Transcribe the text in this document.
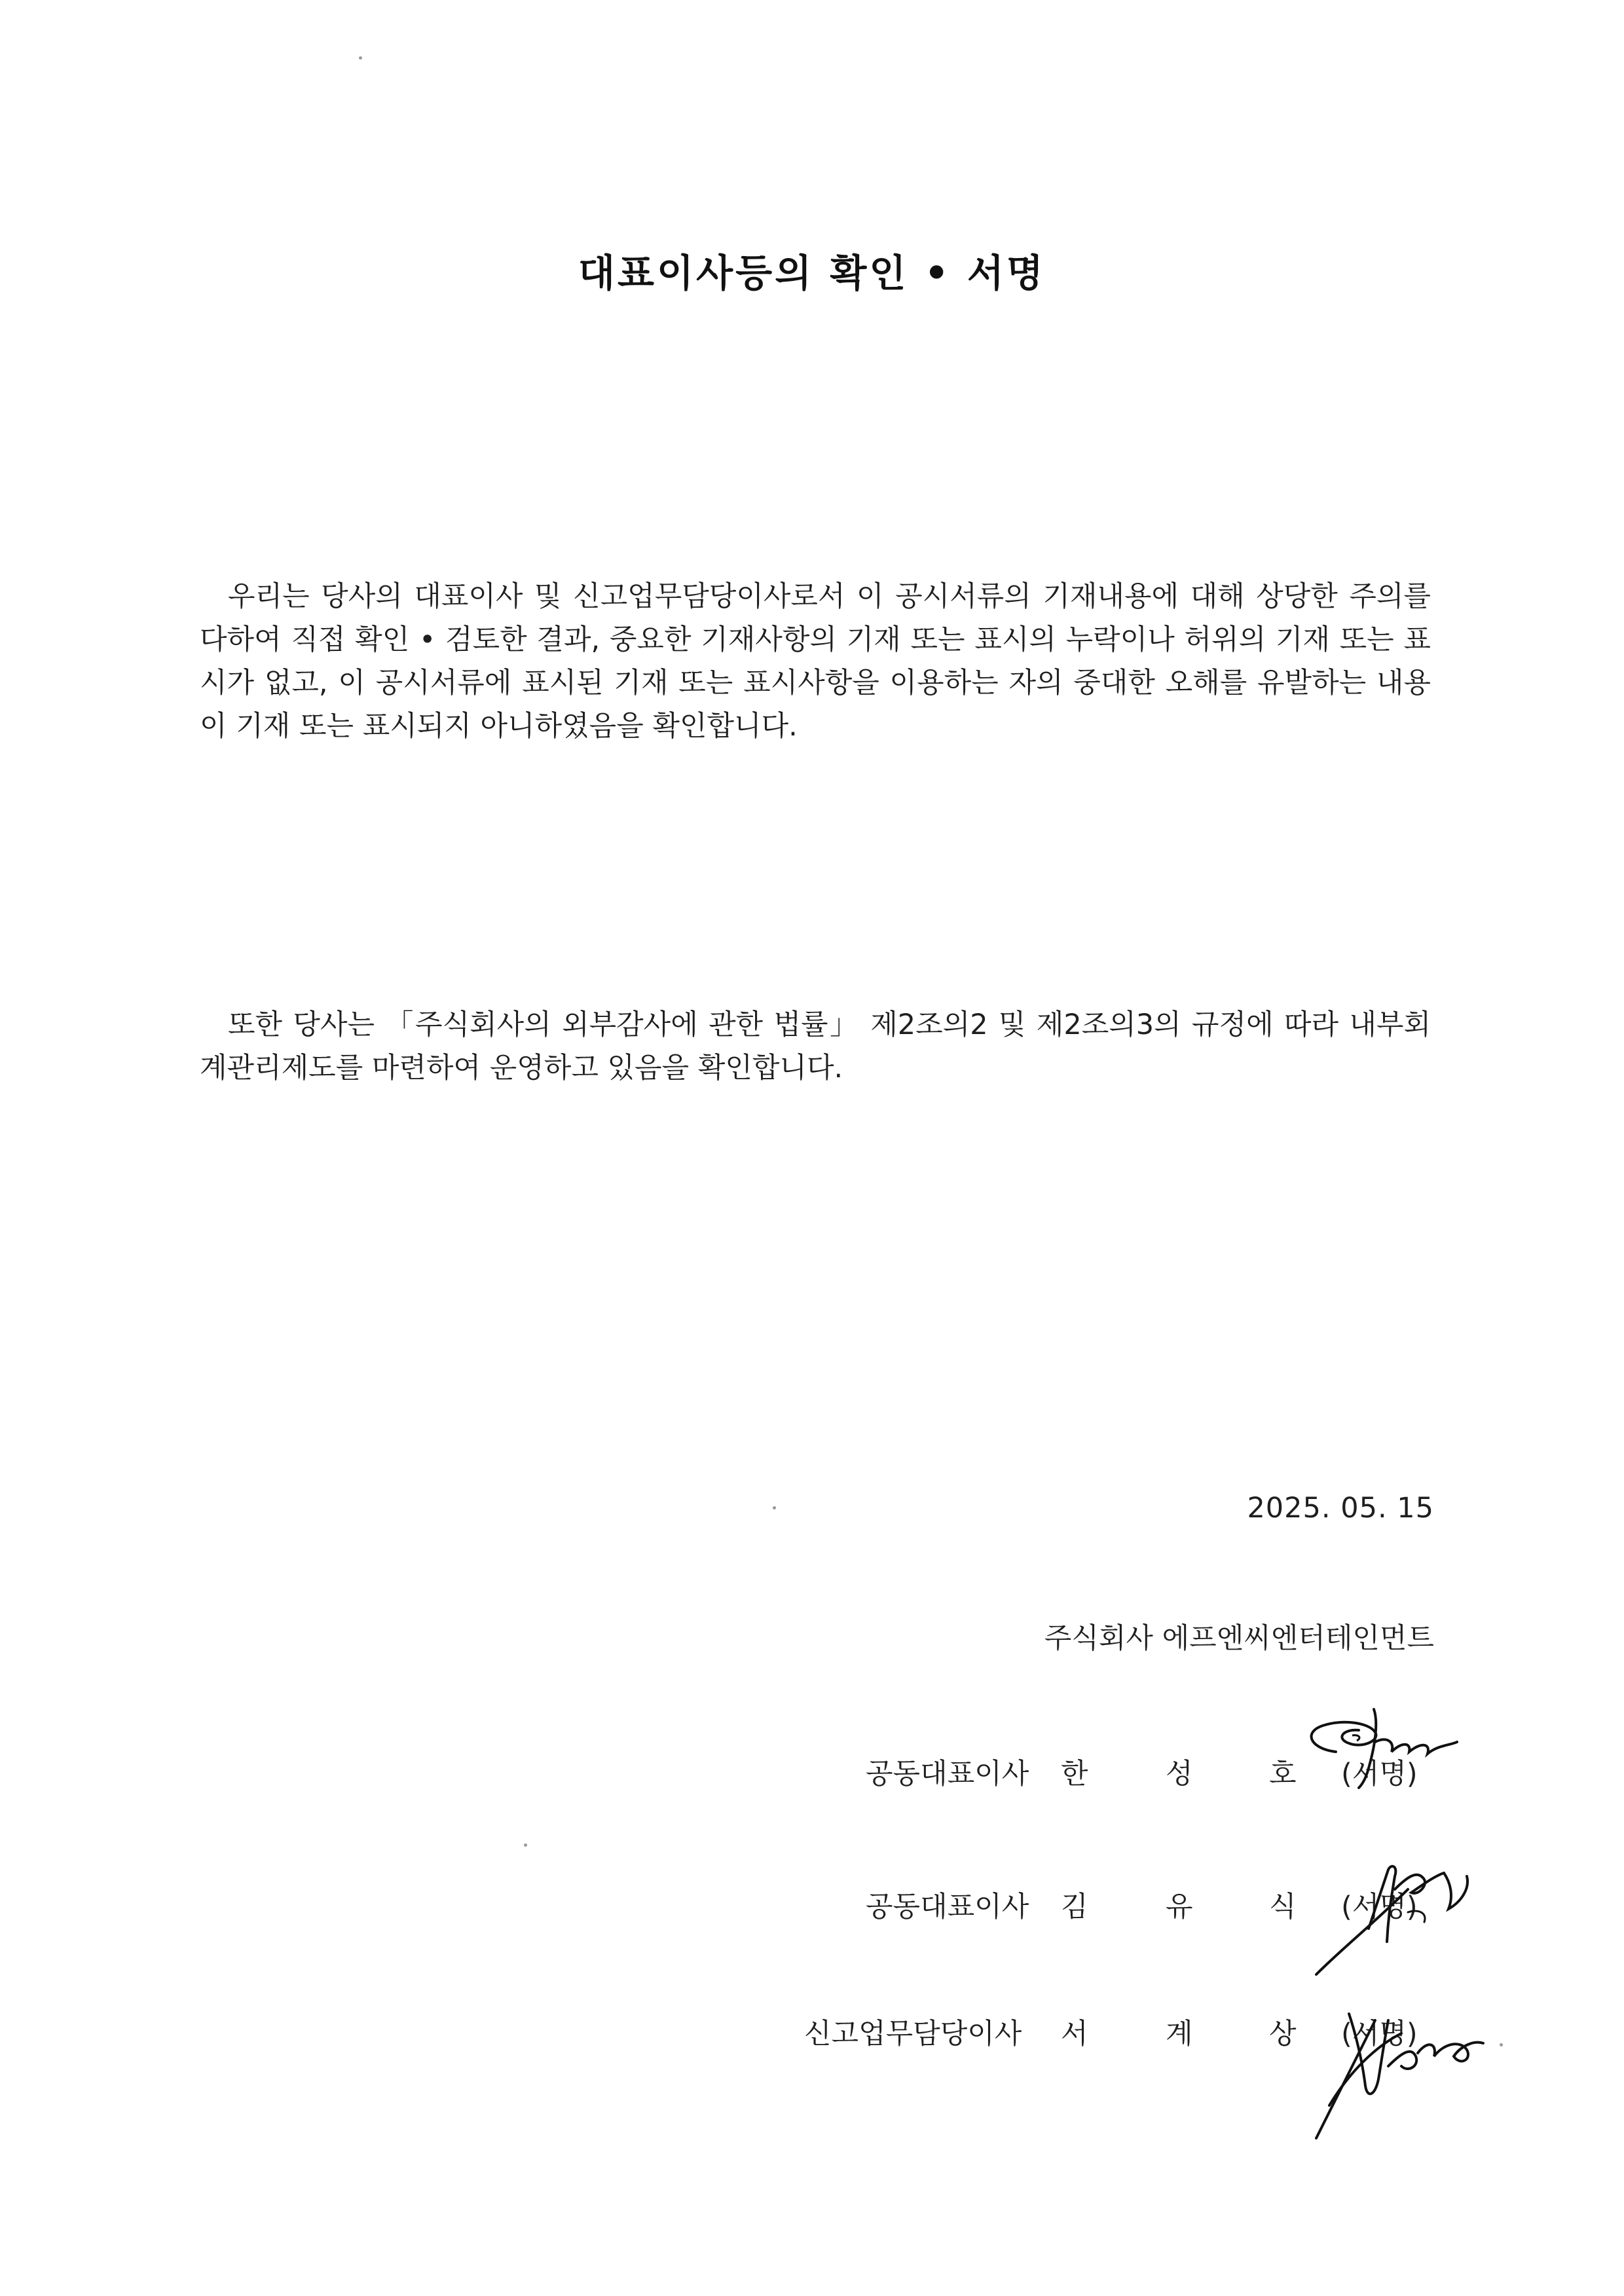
대표이사등의 확인 • 서명

우리는 당사의 대표이사 및 신고업무담당이사로서 이 공시서류의 기재내용에 대해 상당한 주의를 다하여 직접 확인 • 검토한 결과, 중요한 기재사항의 기재 또는 표시의 누락이나 허위의 기재 또는 표시가 없고, 이 공시서류에 표시된 기재 또는 표시사항을 이용하는 자의 중대한 오해를 유발하는 내용이 기재 또는 표시되지 아니하였음을 확인합니다.

또한 당사는 「주식회사의 외부감사에 관한 법률」 제2조의2 및 제2조의3의 규정에 따라 내부회계관리제도를 마련하여 운영하고 있음을 확인합니다.

2025. 05. 15
주식회사 에프엔씨엔터테인먼트
공동대표이사 한	성	호 (서명)
공동대표이사 김	유	식 (서명)
신고업무담당이사 서	계	상 (서명)
